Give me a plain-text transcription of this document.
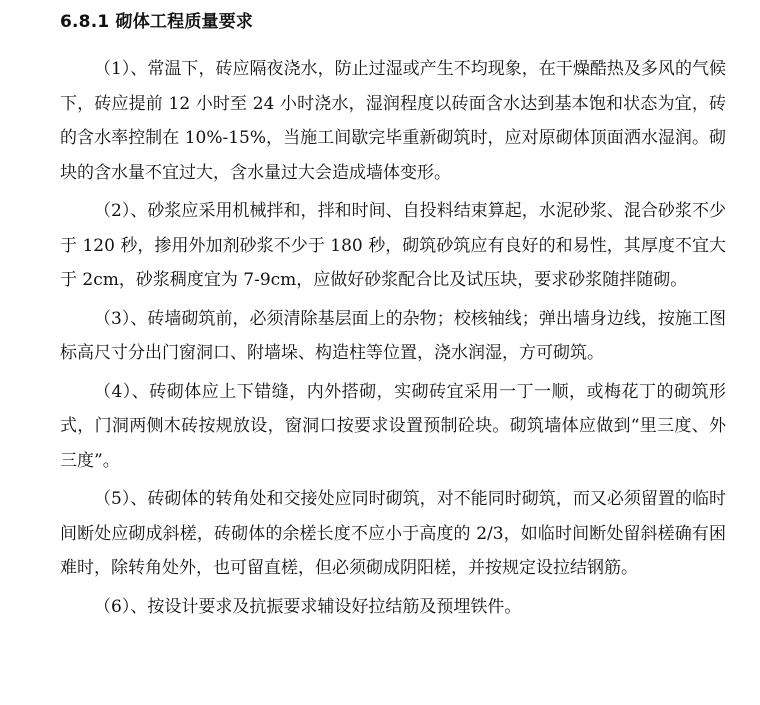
6.8.1 砌体工程质量要求

（1）、常温下，砖应隔夜浇水，防止过湿或产生不均现象，在干燥酷热及多风的气候下，砖应提前 12 小时至 24 小时浇水，湿润程度以砖面含水达到基本饱和状态为宜，砖的含水率控制在 10%-15%，当施工间歇完毕重新砌筑时，应对原砌体顶面洒水湿润。砌块的含水量不宜过大，含水量过大会造成墙体变形。

（2）、砂浆应采用机械拌和，拌和时间、自投料结束算起，水泥砂浆、混合砂浆不少于 120 秒，掺用外加剂砂浆不少于 180 秒，砌筑砂筑应有良好的和易性，其厚度不宜大于 2cm，砂浆稠度宜为 7-9cm，应做好砂浆配合比及试压块，要求砂浆随拌随砌。

（3）、砖墙砌筑前，必须清除基层面上的杂物；校核轴线；弹出墙身边线，按施工图标高尺寸分出门窗洞口、附墙垛、构造柱等位置，浇水润湿，方可砌筑。

（4）、砖砌体应上下错缝，内外搭砌，实砌砖宜采用一丁一顺，或梅花丁的砌筑形式，门洞两侧木砖按规放设，窗洞口按要求设置预制砼块。砌筑墙体应做到“里三度、外三度”。

（5）、砖砌体的转角处和交接处应同时砌筑，对不能同时砌筑，而又必须留置的临时间断处应砌成斜槎，砖砌体的余槎长度不应小于高度的 2/3，如临时间断处留斜槎确有困难时，除转角处外，也可留直槎，但必须砌成阴阳槎，并按规定设拉结钢筋。

（6）、按设计要求及抗振要求辅设好拉结筋及预埋铁件。
